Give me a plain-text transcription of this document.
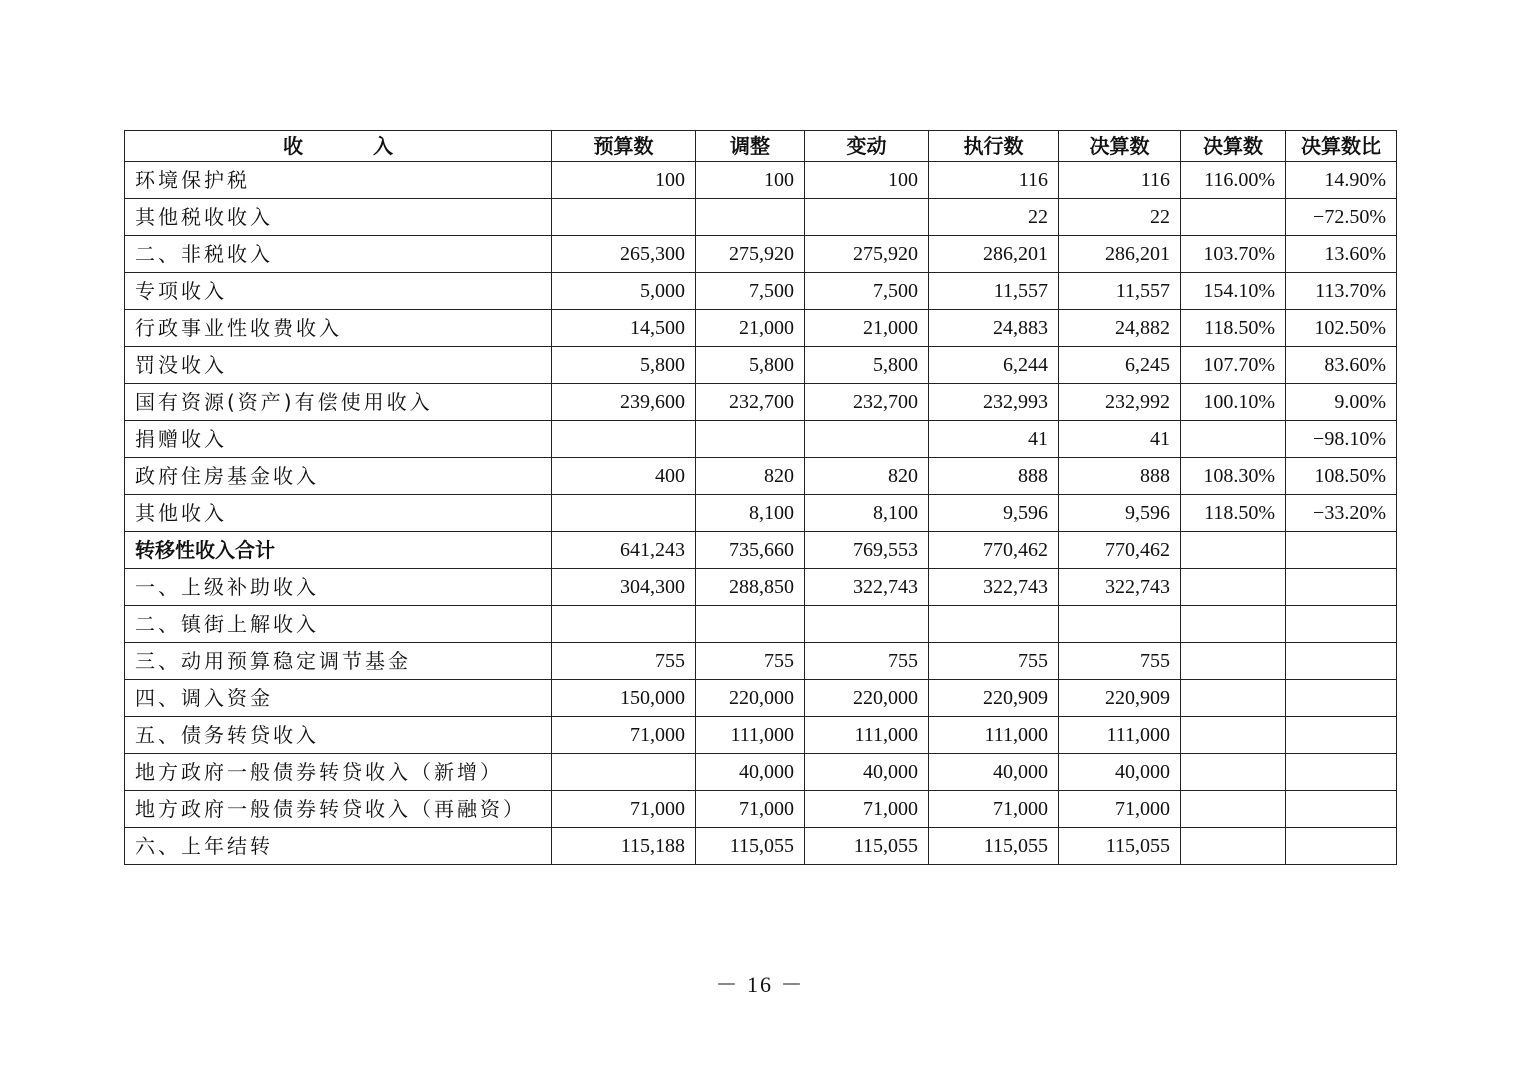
收 入	预算数	调整	变动	执行数	决算数	决算数	决算数比
环境保护税	100	100	100	116	116	116.00%	14.90%
其他税收收入				22	22		−72.50%
二、非税收入	265,300	275,920	275,920	286,201	286,201	103.70%	13.60%
专项收入	5,000	7,500	7,500	11,557	11,557	154.10%	113.70%
行政事业性收费收入	14,500	21,000	21,000	24,883	24,882	118.50%	102.50%
罚没收入	5,800	5,800	5,800	6,244	6,245	107.70%	83.60%
国有资源(资产)有偿使用收入	239,600	232,700	232,700	232,993	232,992	100.10%	9.00%
捐赠收入				41	41		−98.10%
政府住房基金收入	400	820	820	888	888	108.30%	108.50%
其他收入		8,100	8,100	9,596	9,596	118.50%	−33.20%
转移性收入合计	641,243	735,660	769,553	770,462	770,462		
一、上级补助收入	304,300	288,850	322,743	322,743	322,743		
二、镇街上解收入							
三、动用预算稳定调节基金	755	755	755	755	755		
四、调入资金	150,000	220,000	220,000	220,909	220,909		
五、债务转贷收入	71,000	111,000	111,000	111,000	111,000		
地方政府一般债券转贷收入（新增）		40,000	40,000	40,000	40,000		
地方政府一般债券转贷收入（再融资）	71,000	71,000	71,000	71,000	71,000		
六、上年结转	115,188	115,055	115,055	115,055	115,055		
－ 16 －
